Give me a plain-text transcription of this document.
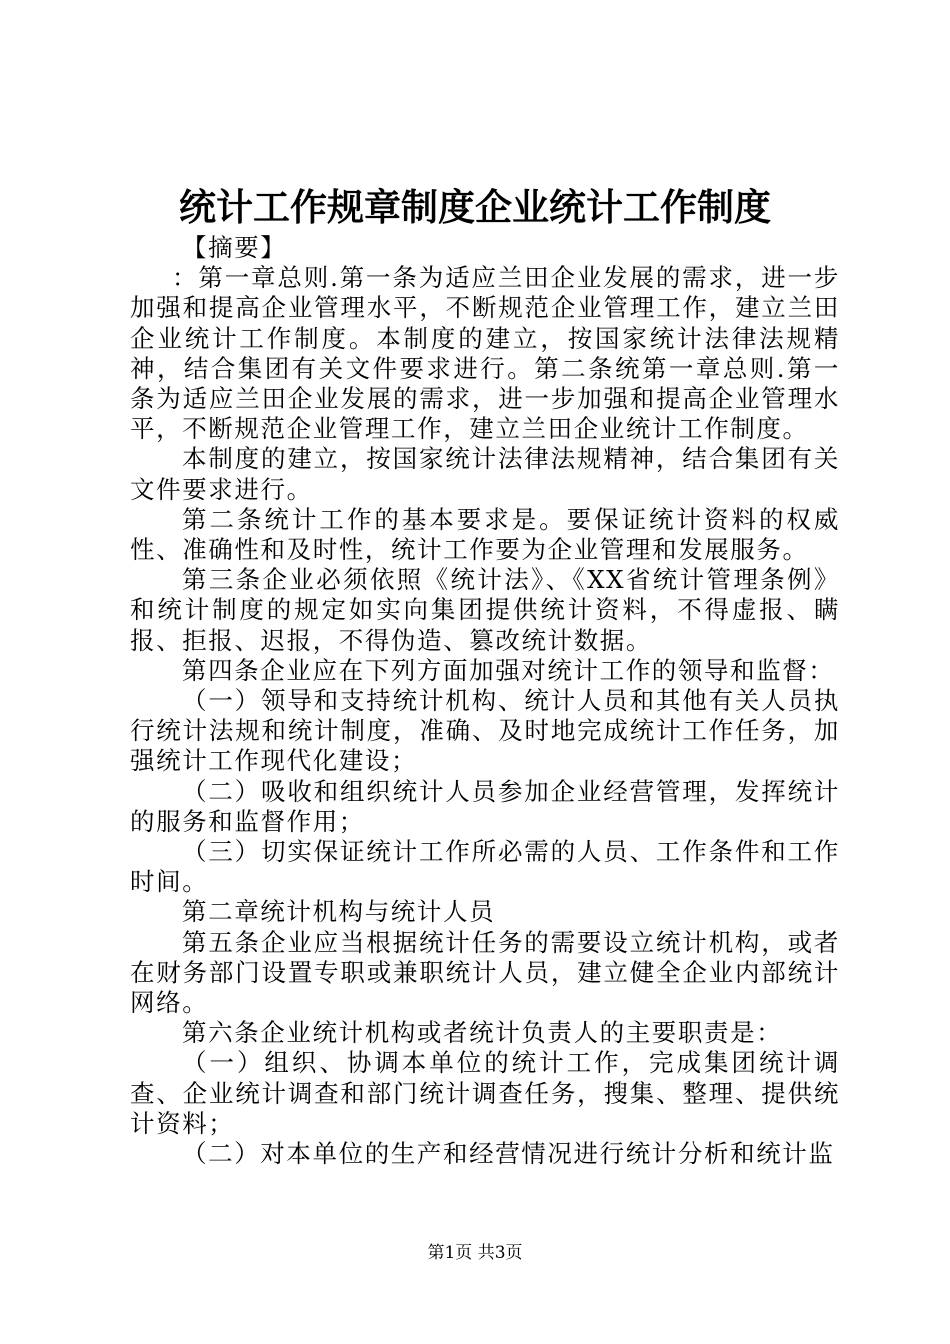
统计工作规章制度企业统计工作制度

【摘要】

：第一章总则.第一条为适应兰田企业发展的需求，进一步加强和提高企业管理水平，不断规范企业管理工作，建立兰田企业统计工作制度。本制度的建立，按国家统计法律法规精神，结合集团有关文件要求进行。第二条统第一章总则.第一条为适应兰田企业发展的需求，进一步加强和提高企业管理水平，不断规范企业管理工作，建立兰田企业统计工作制度。

本制度的建立，按国家统计法律法规精神，结合集团有关文件要求进行。

第二条统计工作的基本要求是。要保证统计资料的权威性、准确性和及时性，统计工作要为企业管理和发展服务。

第三条企业必须依照《统计法》、《XX省统计管理条例》和统计制度的规定如实向集团提供统计资料，不得虚报、瞒报、拒报、迟报，不得伪造、篡改统计数据。

第四条企业应在下列方面加强对统计工作的领导和监督：

（一）领导和支持统计机构、统计人员和其他有关人员执行统计法规和统计制度，准确、及时地完成统计工作任务，加强统计工作现代化建设；

（二）吸收和组织统计人员参加企业经营管理，发挥统计的服务和监督作用；

（三）切实保证统计工作所必需的人员、工作条件和工作时间。

第二章统计机构与统计人员

第五条企业应当根据统计任务的需要设立统计机构，或者在财务部门设置专职或兼职统计人员，建立健全企业内部统计网络。

第六条企业统计机构或者统计负责人的主要职责是：

（一）组织、协调本单位的统计工作，完成集团统计调查、企业统计调查和部门统计调查任务，搜集、整理、提供统计资料；

（二）对本单位的生产和经营情况进行统计分析和统计监

第1页 共3页
